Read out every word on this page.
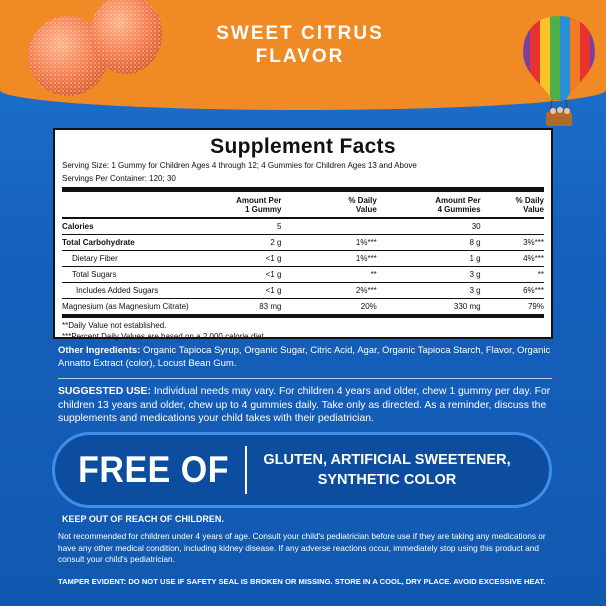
SWEET CITRUS
FLAVOR
Supplement Facts
Serving Size: 1 Gummy for Children Ages 4 through 12; 4 Gummies for Children Ages 13 and Above
Servings Per Container: 120; 30
	Amount Per
1 Gummy	% Daily
Value	Amount Per
4 Gummies	% Daily
Value
Calories	5		30	
Total Carbohydrate	2 g	1%***	8 g	3%***
Dietary Fiber	<1 g	1%***	1 g	4%***
Total Sugars	<1 g	**	3 g	**
Includes Added Sugars	<1 g	2%***	3 g	6%***
Magnesium (as Magnesium Citrate)	83 mg	20%	330 mg	79%
**Daily Value not established.
***Percent Daily Values are based on a 2,000 calorie diet.
Other Ingredients: Organic Tapioca Syrup, Organic Sugar, Citric Acid, Agar, Organic Tapioca Starch, Flavor, Organic Annatto Extract (color), Locust Bean Gum.
SUGGESTED USE: Individual needs may vary. For children 4 years and older, chew 1 gummy per day. For children 13 years and older, chew up to 4 gummies daily. Take only as directed. As a reminder, discuss the supplements and medications your child takes with their pediatrician.
FREE OF	GLUTEN, ARTIFICIAL SWEETENER,
SYNTHETIC COLOR
KEEP OUT OF REACH OF CHILDREN.
Not recommended for children under 4 years of age. Consult your child's pediatrician before use if they are taking any medications or have any other medical condition, including kidney disease. If any adverse reactions occur, immediately stop using this product and consult your child's pediatrician.
TAMPER EVIDENT: DO NOT USE IF SAFETY SEAL IS BROKEN OR MISSING. STORE IN A COOL, DRY PLACE. AVOID EXCESSIVE HEAT.
